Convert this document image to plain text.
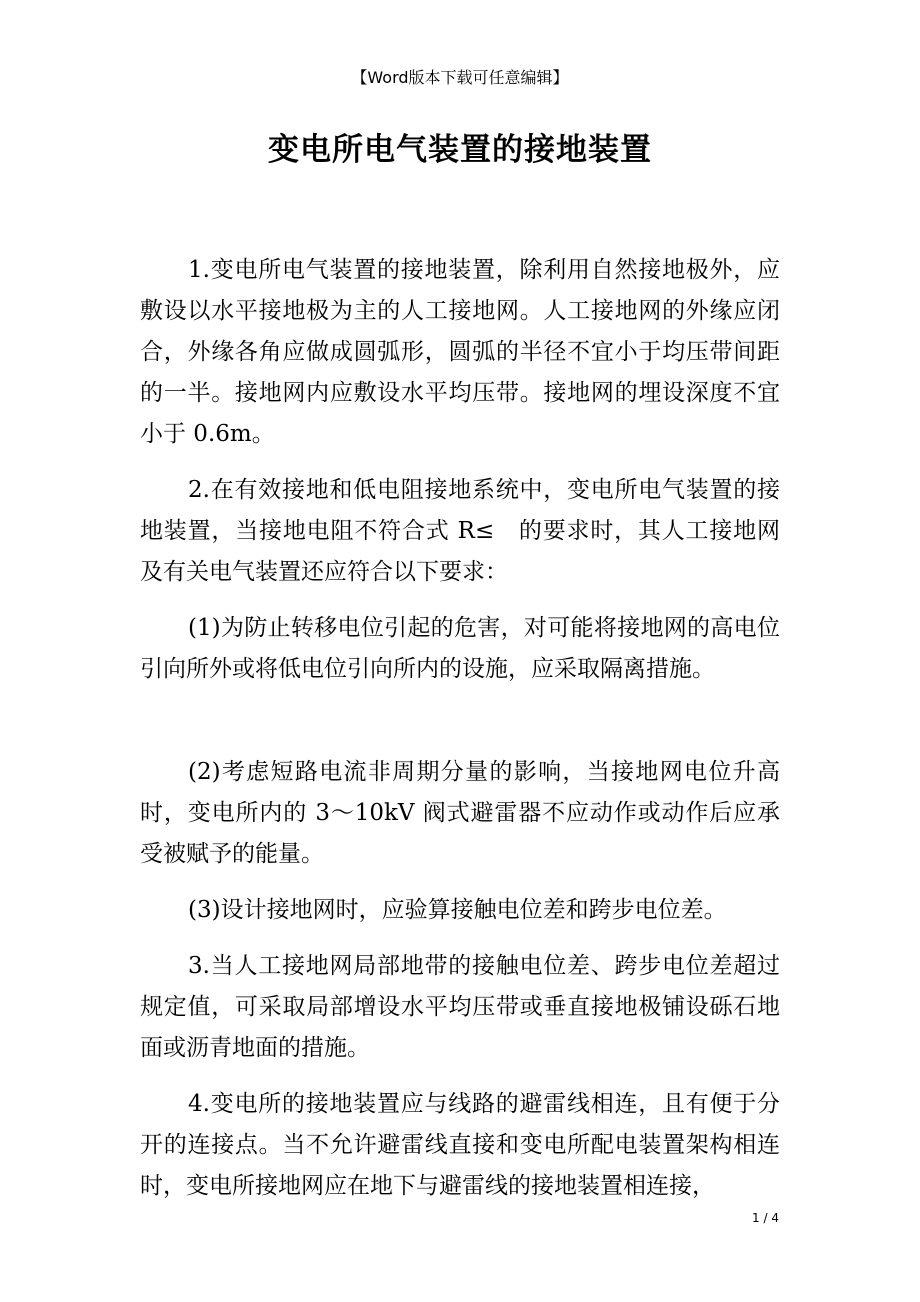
【Word版本下载可任意编辑】
变电所电气装置的接地装置

1.变电所电气装置的接地装置，除利用自然接地极外，应敷设以水平接地极为主的人工接地网。人工接地网的外缘应闭合，外缘各角应做成圆弧形，圆弧的半径不宜小于均压带间距的一半。接地网内应敷设水平均压带。接地网的埋设深度不宜小于 0.6m。

2.在有效接地和低电阻接地系统中，变电所电气装置的接地装置，当接地电阻不符合式 R≤　的要求时，其人工接地网及有关电气装置还应符合以下要求：

(1)为防止转移电位引起的危害，对可能将接地网的高电位引向所外或将低电位引向所内的设施，应采取隔离措施。

(2)考虑短路电流非周期分量的影响，当接地网电位升高时，变电所内的 3～10kV 阀式避雷器不应动作或动作后应承受被赋予的能量。

(3)设计接地网时，应验算接触电位差和跨步电位差。

3.当人工接地网局部地带的接触电位差、跨步电位差超过规定值，可采取局部增设水平均压带或垂直接地极铺设砾石地面或沥青地面的措施。

4.变电所的接地装置应与线路的避雷线相连，且有便于分开的连接点。当不允许避雷线直接和变电所配电装置架构相连时，变电所接地网应在地下与避雷线的接地装置相连接，

1 / 4
